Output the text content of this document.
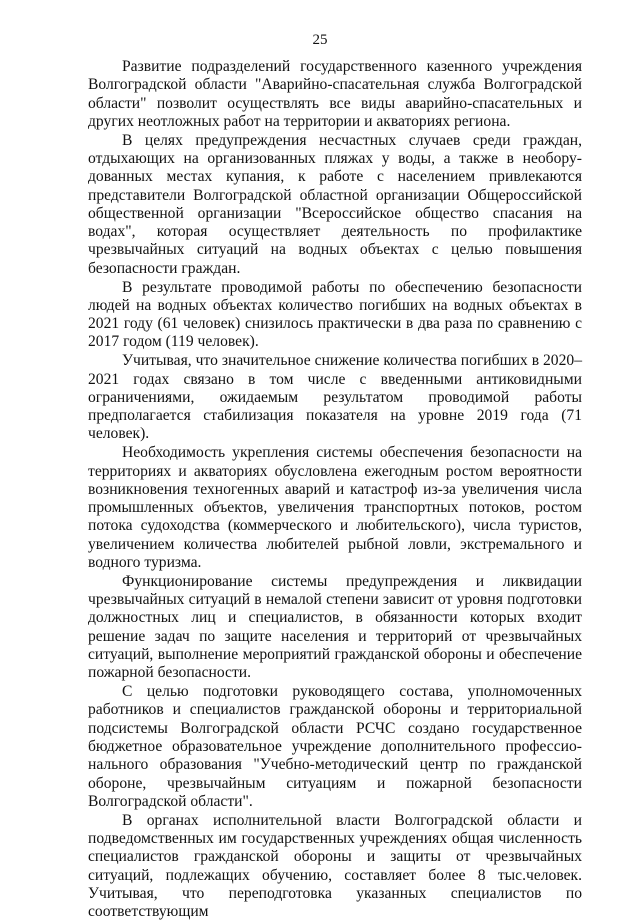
25

Развитие подразделений государственного казенного учреждения Волгоградской области "Аварийно-спасательная служба Волгоградской области" позволит осуществлять все виды аварийно-спасательных и других неотложных работ на территории и акваториях региона.

В целях предупреждения несчастных случаев среди граждан, отдыхающих на организованных пляжах у воды, а также в необорудованных местах купания, к работе с населением привлекаются представители Волгоградской областной организации Общероссийской общественной организации "Всероссийское общество спасания на водах", которая осуществляет деятельность по профилактике чрезвычайных ситуаций на водных объектах с целью повышения безопасности граждан.

В результате проводимой работы по обеспечению безопасности людей на водных объектах количество погибших на водных объектах в 2021 году (61 человек) снизилось практически в два раза по сравнению с 2017 годом (119 человек).

Учитывая, что значительное снижение количества погибших в 2020–2021 годах связано в том числе с введенными антиковидными ограничениями, ожидаемым результатом проводимой работы предполагается стабилизация показателя на уровне 2019 года (71 человек).

Необходимость укрепления системы обеспечения безопасности на территориях и акваториях обусловлена ежегодным ростом вероятности возникновения техногенных аварий и катастроф из-за увеличения числа промышленных объектов, увеличения транспортных потоков, ростом потока судоходства (коммерческого и любительского), числа туристов, увеличением количества любителей рыбной ловли, экстремального и водного туризма.

Функционирование системы предупреждения и ликвидации чрезвычайных ситуаций в немалой степени зависит от уровня подготовки должностных лиц и специалистов, в обязанности которых входит решение задач по защите населения и территорий от чрезвычайных ситуаций, выполнение мероприятий гражданской обороны и обеспечение пожарной безопасности.

С целью подготовки руководящего состава, уполномоченных работников и специалистов гражданской обороны и территориальной подсистемы Волгоградской области РСЧС создано государственное бюджетное образовательное учреждение дополнительного профессионального образования "Учебно-методический центр по гражданской обороне, чрезвычайным ситуациям и пожарной безопасности Волгоградской области".

В органах исполнительной власти Волгоградской области и подведомственных им государственных учреждениях общая численность специалистов гражданской обороны и защиты от чрезвычайных ситуаций, подлежащих обучению, составляет более 8 тыс.человек. Учитывая, что переподготовка указанных специалистов по соответствующим
